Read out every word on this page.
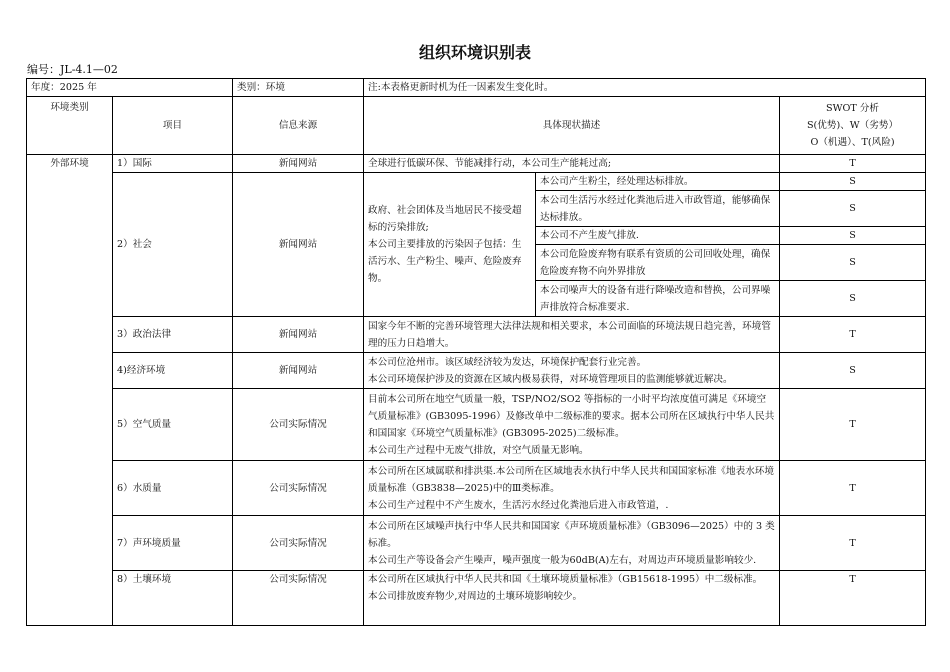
组织环境识别表
编号：JL-4.1—02
年度：2025 年		类别：环境	注:本表格更新时机为任一因素发生变化时。		
环境类别	项目	信息来源	具体现状描述		SWOT 分析
S(优势)、W（劣势）
O（机遇）、T(风险)

外部环境	1）国际	新闻网站	全球进行低碳环保、节能减排行动，本公司生产能耗过高;		T
	2）社会	新闻网站	政府、社会团体及当地居民不接受超标的污染排放;
本公司主要排放的污染因子包括：生活污水、生产粉尘、噪声、危险废弃物。	本公司产生粉尘，经处理达标排放。	S
				本公司生活污水经过化粪池后进入市政管道，能够确保达标排放。	S
				本公司不产生废气排放.	S
				本公司危险废弃物有联系有资质的公司回收处理，确保危险废弃物不向外界排放	S
				本公司噪声大的设备有进行降噪改造和替换，公司界噪声排放符合标准要求.	S
	3）政治法律	新闻网站	国家今年不断的完善环境管理大法律法规和相关要求，本公司面临的环境法规日趋完善，环境管理的压力日趋增大。		T
	4)经济环境	新闻网站	本公司位沧州市。该区域经济较为发达，环境保护配套行业完善。
本公司环境保护涉及的资源在区域内极易获得，对环境管理项目的监测能够就近解决。		S
	5）空气质量	公司实际情况	目前本公司所在地空气质量一般，TSP/NO2/SO2 等指标的一小时平均浓度值可满足《环境空气质量标准》(GB3095-1996）及修改单中二级标准的要求。据本公司所在区域执行中华人民共和国国家《环境空气质量标准》(GB3095-2025)二级标准。
本公司生产过程中无废气排放，对空气质量无影响。		T
	6）水质量	公司实际情况	本公司所在区域属联和排洪渠.本公司所在区域地表水执行中华人民共和国国家标准《地表水环境质量标准（GB3838—2025)中的Ⅲ类标准。
本公司生产过程中不产生废水，生活污水经过化粪池后进入市政管道，.		T
	7）声环境质量	公司实际情况	本公司所在区域噪声执行中华人民共和国国家《声环境质量标准》（GB3096—2025）中的 3 类标准。
本公司生产等设备会产生噪声，噪声强度一般为60dB(A)左右，对周边声环境质量影响较少.		T
	8）土壤环境	公司实际情况	本公司所在区域执行中华人民共和国《土壤环境质量标准》（GB15618-1995）中二级标准。
本公司排放废弃物少,对周边的土壤环境影响较少。		T
